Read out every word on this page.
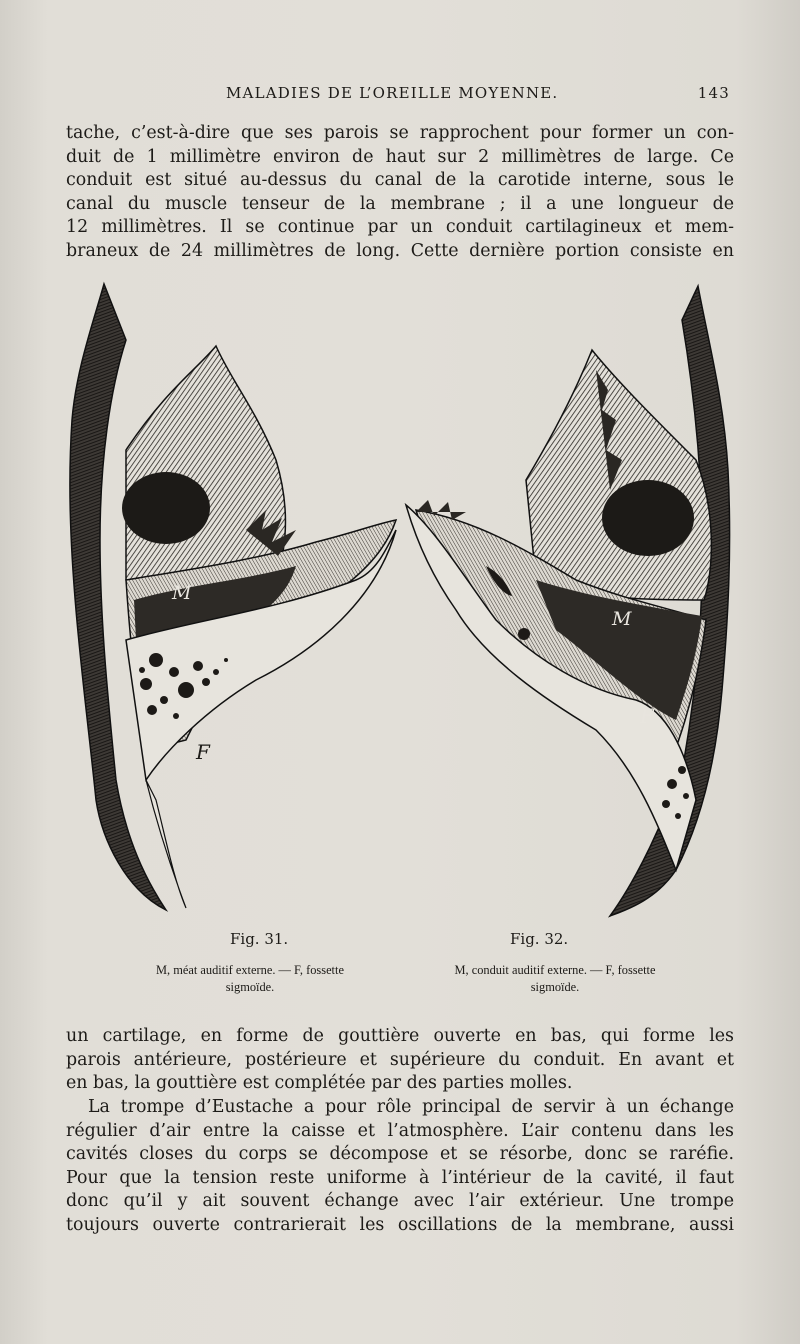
MALADIES DE L’OREILLE MOYENNE.	143
tache, c’est-à-dire que ses parois se rapprochent pour former un con-
duit de 1 millimètre environ de haut sur 2 millimètres de large. Ce
conduit est situé au-dessus du canal de la carotide interne, sous le
canal du muscle tenseur de la membrane ; il a une longueur de
12 millimètres. Il se continue par un conduit cartilagineux et mem-
braneux de 24 millimètres de long. Cette dernière portion consiste en
M
F
M
F
Fig. 31.	Fig. 32.
M, méat auditif externe. — F, fossette
sigmoïde.
M, conduit auditif externe. — F, fossette
sigmoïde.
un cartilage, en forme de gouttière ouverte en bas, qui forme les
parois antérieure, postérieure et supérieure du conduit. En avant et
en bas, la gouttière est complétée par des parties molles.
La trompe d’Eustache a pour rôle principal de servir à un échange
régulier d’air entre la caisse et l’atmosphère. L’air contenu dans les
cavités closes du corps se décompose et se résorbe, donc se raréfie.
Pour que la tension reste uniforme à l’intérieur de la cavité, il faut
donc qu’il y ait souvent échange avec l’air extérieur. Une trompe
toujours ouverte contrarierait les oscillations de la membrane, aussi
